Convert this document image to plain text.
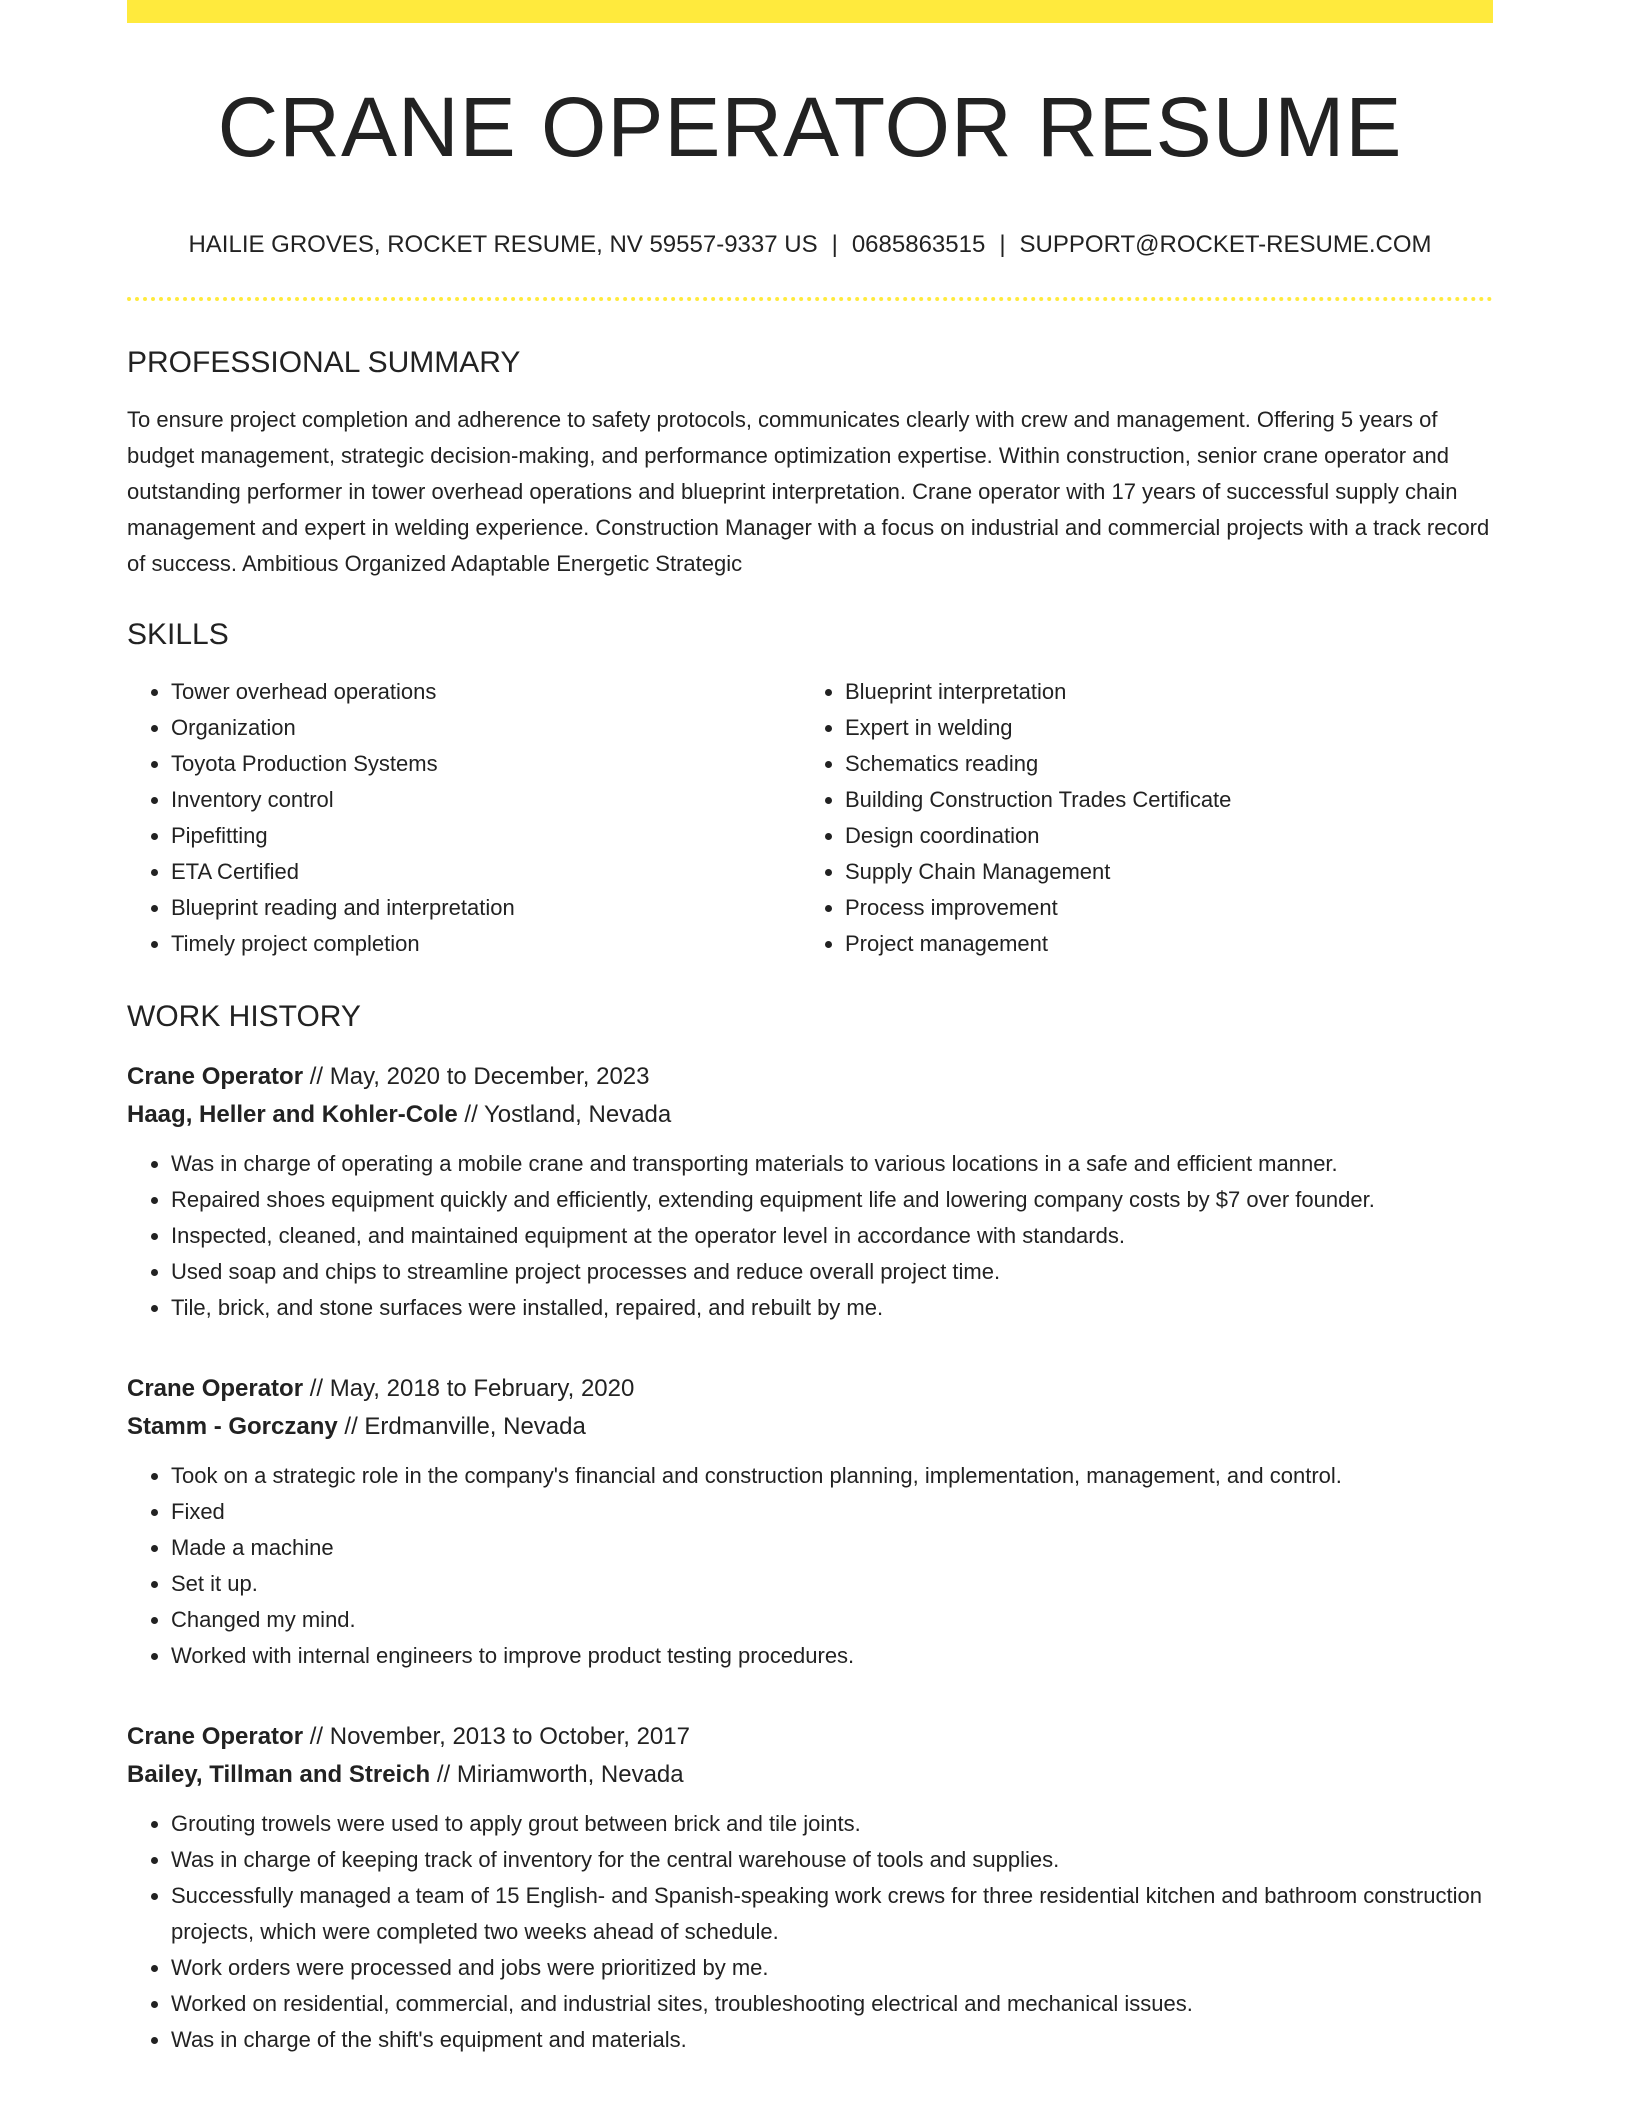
CRANE OPERATOR RESUME
HAILIE GROVES, ROCKET RESUME, NV 59557-9337 US | 0685863515 | SUPPORT@ROCKET-RESUME.COM
PROFESSIONAL SUMMARY

To ensure project completion and adherence to safety protocols, communicates clearly with crew and management. Offering 5 years of budget management, strategic decision-making, and performance optimization expertise. Within construction, senior crane operator and outstanding performer in tower overhead operations and blueprint interpretation. Crane operator with 17 years of successful supply chain management and expert in welding experience. Construction Manager with a focus on industrial and commercial projects with a track record of success. Ambitious Organized Adaptable Energetic Strategic

SKILLS
• Tower overhead operations
• Organization
• Toyota Production Systems
• Inventory control
• Pipefitting
• ETA Certified
• Blueprint reading and interpretation
• Timely project completion
• Blueprint interpretation
• Expert in welding
• Schematics reading
• Building Construction Trades Certificate
• Design coordination
• Supply Chain Management
• Process improvement
• Project management
WORK HISTORY
Crane Operator // May, 2020 to December, 2023
Haag, Heller and Kohler-Cole // Yostland, Nevada
• Was in charge of operating a mobile crane and transporting materials to various locations in a safe and efficient manner.
• Repaired shoes equipment quickly and efficiently, extending equipment life and lowering company costs by $7 over founder.
• Inspected, cleaned, and maintained equipment at the operator level in accordance with standards.
• Used soap and chips to streamline project processes and reduce overall project time.
• Tile, brick, and stone surfaces were installed, repaired, and rebuilt by me.
Crane Operator // May, 2018 to February, 2020
Stamm - Gorczany // Erdmanville, Nevada
• Took on a strategic role in the company's financial and construction planning, implementation, management, and control.
• Fixed
• Made a machine
• Set it up.
• Changed my mind.
• Worked with internal engineers to improve product testing procedures.
Crane Operator // November, 2013 to October, 2017
Bailey, Tillman and Streich // Miriamworth, Nevada
• Grouting trowels were used to apply grout between brick and tile joints.
• Was in charge of keeping track of inventory for the central warehouse of tools and supplies.
• Successfully managed a team of 15 English- and Spanish-speaking work crews for three residential kitchen and bathroom construction projects, which were completed two weeks ahead of schedule.
• Work orders were processed and jobs were prioritized by me.
• Worked on residential, commercial, and industrial sites, troubleshooting electrical and mechanical issues.
• Was in charge of the shift's equipment and materials.
